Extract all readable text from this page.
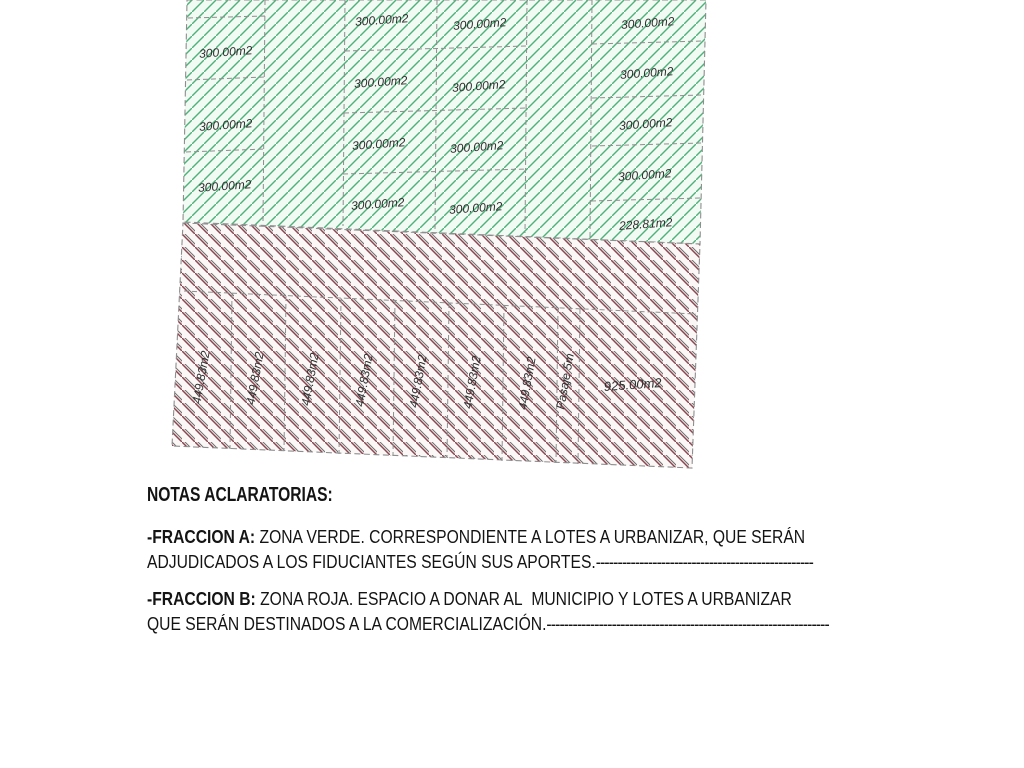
300.00m2
300.00m2
300.00m2
300.00m2
300.00m2
300.00m2
300.00m2
300.00m2
300.00m2
300.00m2
300.00m2
300.00m2
300.00m2
300.00m2
300.00m2
228.81m2
449.83m2	449.83m2	449.83m2	449.83m2	449.83m2	449.83m2	449.83m2 Pasaje 5m 925.00m2
NOTAS ACLARATORIAS:

-FRACCION A: ZONA VERDE. CORRESPONDIENTE A LOTES A URBANIZAR, QUE SERÁN
ADJUDICADOS A LOS FIDUCIANTES SEGÚN SUS APORTES.--------------------------------------------------

-FRACCION B: ZONA ROJA. ESPACIO A DONAR AL  MUNICIPIO Y LOTES A URBANIZAR
QUE SERÁN DESTINADOS A LA COMERCIALIZACIÓN.-----------------------------------------------------------------
